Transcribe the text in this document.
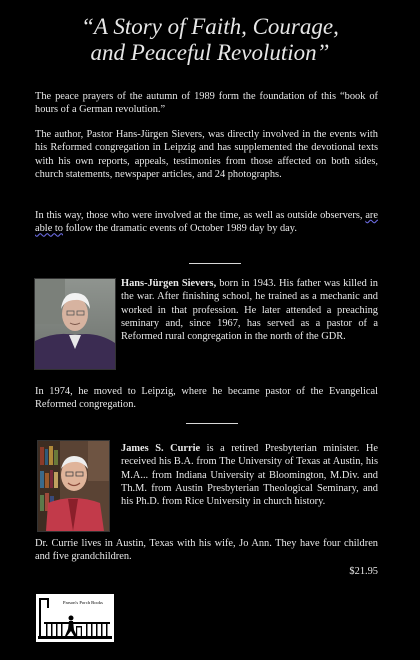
“A Story of Faith, Courage,
and Peaceful Revolution”

The peace prayers of the autumn of 1989 form the foundation of this “book of hours of a German revolution.”

The author, Pastor Hans-Jürgen Sievers, was directly involved in the events with his Reformed congregation in Leipzig and has supplemented the devotional texts with his own reports, appeals, testimonies from those affected on both sides, church statements, newspaper articles, and 24 photographs.

In this way, those who were involved at the time, as well as outside observers, are able to follow the dramatic events of October 1989 day by day.

Hans-Jürgen Sievers, born in 1943. His father was killed in the war. After finishing school, he trained as a mechanic and worked in that profession. He later attended a preaching seminary and, since 1967, has served as a pastor of a Reformed rural congregation in the north of the GDR.

In 1974, he moved to Leipzig, where he became pastor of the Evangelical Reformed congregation.

James S. Currie is a retired Presbyterian minister. He received his B.A. from The University of Texas at Austin, his M.A... from Indiana University at Bloomington, M.Div. and Th.M. from Austin Presbyterian Theological Seminary, and his Ph.D. from Rice University in church history.

Dr. Currie lives in Austin, Texas with his wife, Jo Ann. They have four children and five grandchildren.

$21.95
Parson's Porch Books
